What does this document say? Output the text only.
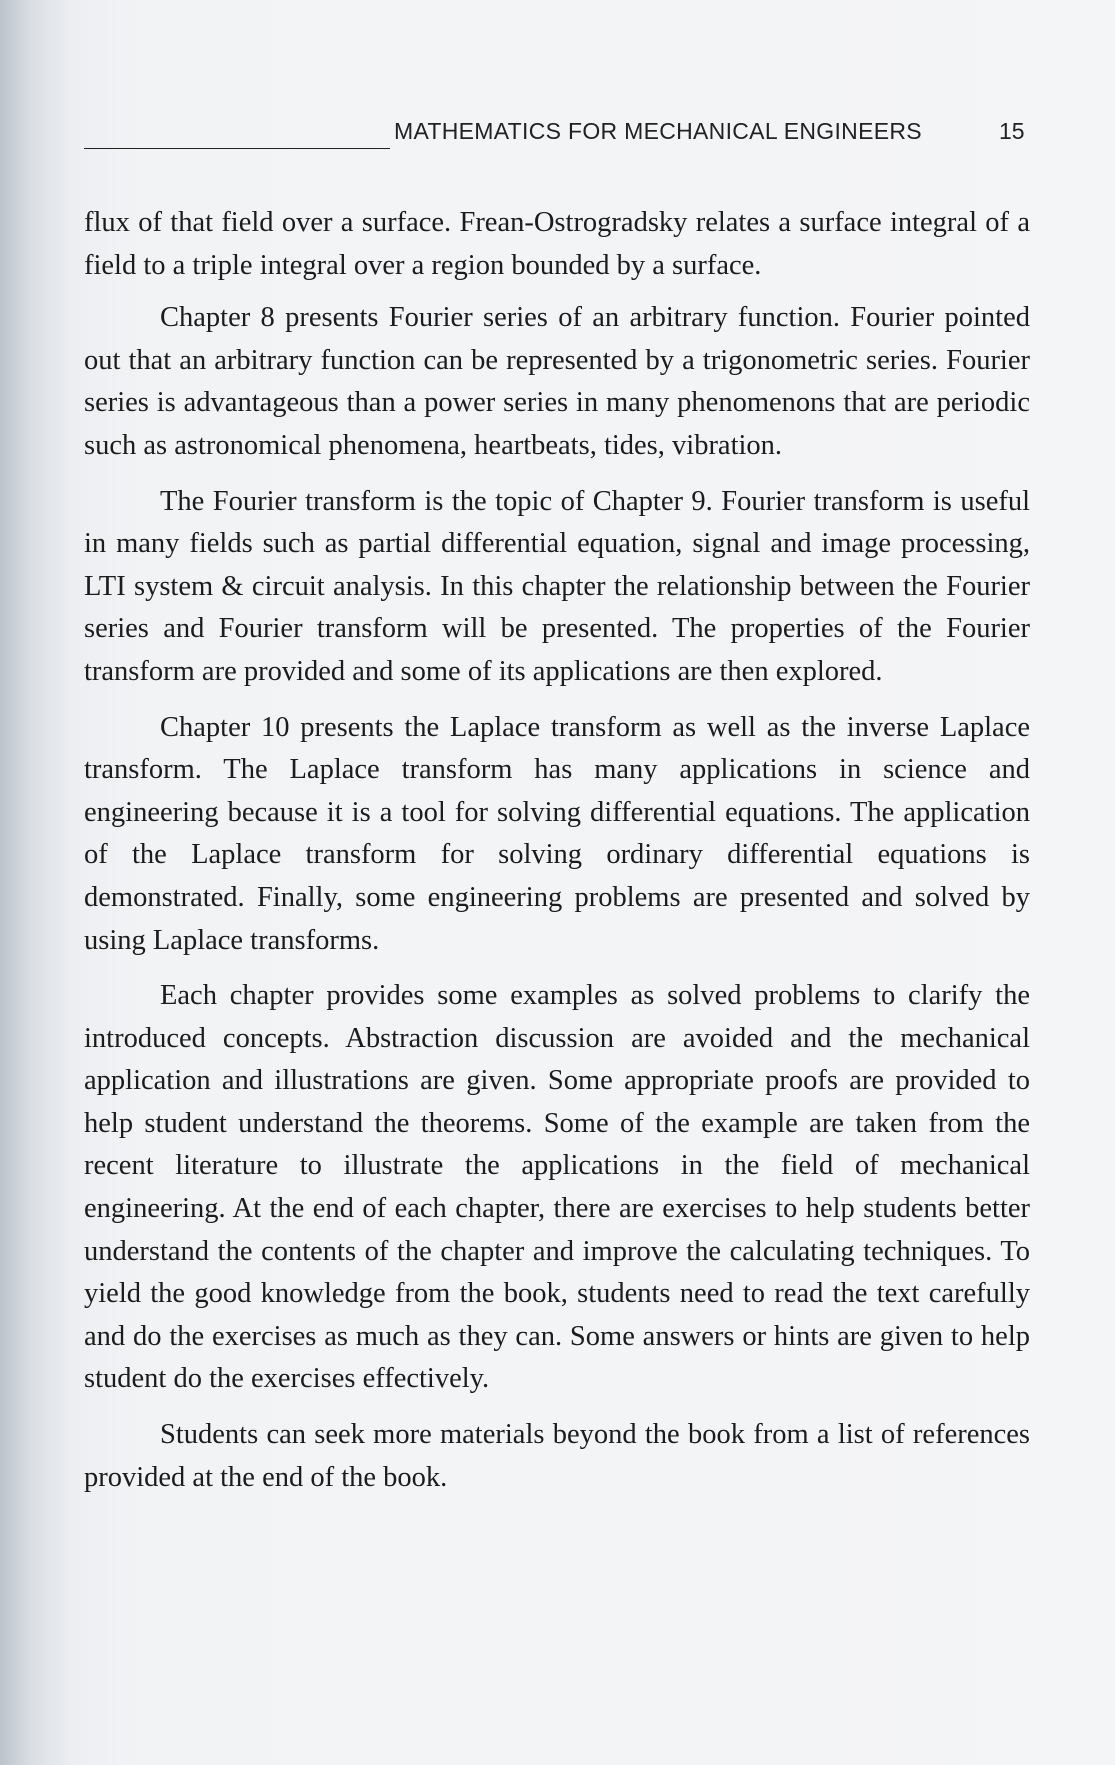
MATHEMATICS FOR MECHANICAL ENGINEERS	15

flux of that field over a surface. Frean-Ostrogradsky relates a surface integral of a field to a triple integral over a region bounded by a surface.

Chapter 8 presents Fourier series of an arbitrary function. Fourier pointed out that an arbitrary function can be represented by a trigonometric series. Fourier series is advantageous than a power series in many phenomenons that are periodic such as astronomical phenomena, heartbeats, tides, vibration.

The Fourier transform is the topic of Chapter 9. Fourier transform is useful in many fields such as partial differential equation, signal and image processing, LTI system & circuit analysis. In this chapter the relationship between the Fourier series and Fourier transform will be presented. The properties of the Fourier transform are provided and some of its applications are then explored.

Chapter 10 presents the Laplace transform as well as the inverse Laplace transform. The Laplace transform has many applications in science and engineering because it is a tool for solving differential equations. The application of the Laplace transform for solving ordinary differential equations is demonstrated. Finally, some engineering problems are presented and solved by using Laplace transforms.

Each chapter provides some examples as solved problems to clarify the introduced concepts. Abstraction discussion are avoided and the mechanical application and illustrations are given. Some appropriate proofs are provided to help student understand the theorems. Some of the example are taken from the recent literature to illustrate the applications in the field of mechanical engineering. At the end of each chapter, there are exercises to help students better understand the contents of the chapter and improve the calculating techniques. To yield the good knowledge from the book, students need to read the text carefully and do the exercises as much as they can. Some answers or hints are given to help student do the exercises effectively.

Students can seek more materials beyond the book from a list of references provided at the end of the book.
